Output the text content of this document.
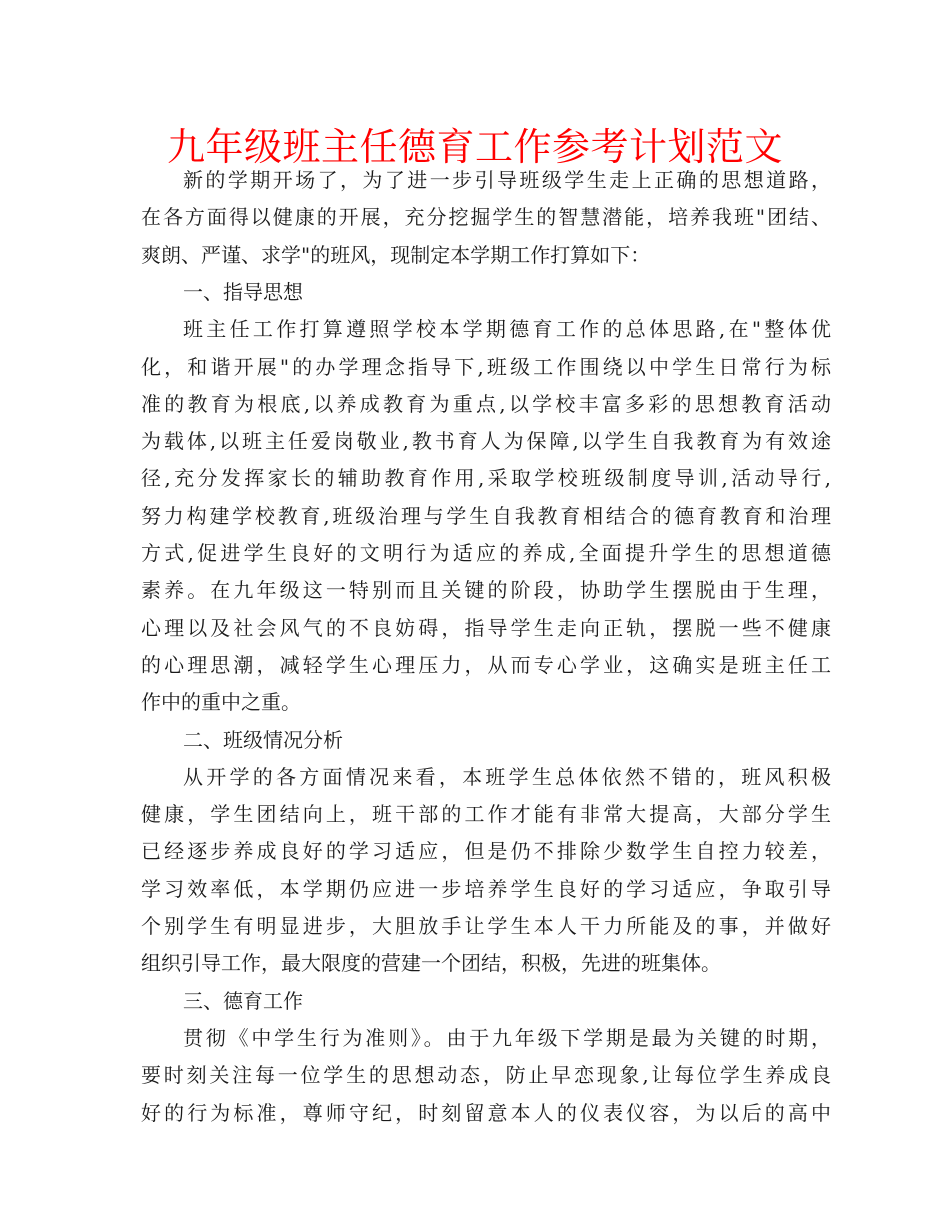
九年级班主任德育工作参考计划范文
新的学期开场了，为了进一步引导班级学生走上正确的思想道路，
在各方面得以健康的开展，充分挖掘学生的智慧潜能，培养我班"团结、
爽朗、严谨、求学"的班风，现制定本学期工作打算如下：
一、指导思想
班主任工作打算遵照学校本学期德育工作的总体思路,在"整体优
化，和谐开展"的办学理念指导下,班级工作围绕以中学生日常行为标
准的教育为根底,以养成教育为重点,以学校丰富多彩的思想教育活动
为载体,以班主任爱岗敬业,教书育人为保障,以学生自我教育为有效途
径,充分发挥家长的辅助教育作用,采取学校班级制度导训,活动导行,
努力构建学校教育,班级治理与学生自我教育相结合的德育教育和治理
方式,促进学生良好的文明行为适应的养成,全面提升学生的思想道德
素养。在九年级这一特别而且关键的阶段，协助学生摆脱由于生理，
心理以及社会风气的不良妨碍，指导学生走向正轨，摆脱一些不健康
的心理思潮，减轻学生心理压力，从而专心学业，这确实是班主任工
作中的重中之重。
二、班级情况分析
从开学的各方面情况来看，本班学生总体依然不错的，班风积极
健康，学生团结向上，班干部的工作才能有非常大提高，大部分学生
已经逐步养成良好的学习适应，但是仍不排除少数学生自控力较差，
学习效率低，本学期仍应进一步培养学生良好的学习适应，争取引导
个别学生有明显进步，大胆放手让学生本人干力所能及的事，并做好
组织引导工作，最大限度的营建一个团结，积极，先进的班集体。
三、德育工作
贯彻《中学生行为准则》。由于九年级下学期是最为关键的时期，
要时刻关注每一位学生的思想动态，防止早恋现象,让每位学生养成良
好的行为标准，尊师守纪，时刻留意本人的仪表仪容，为以后的高中
